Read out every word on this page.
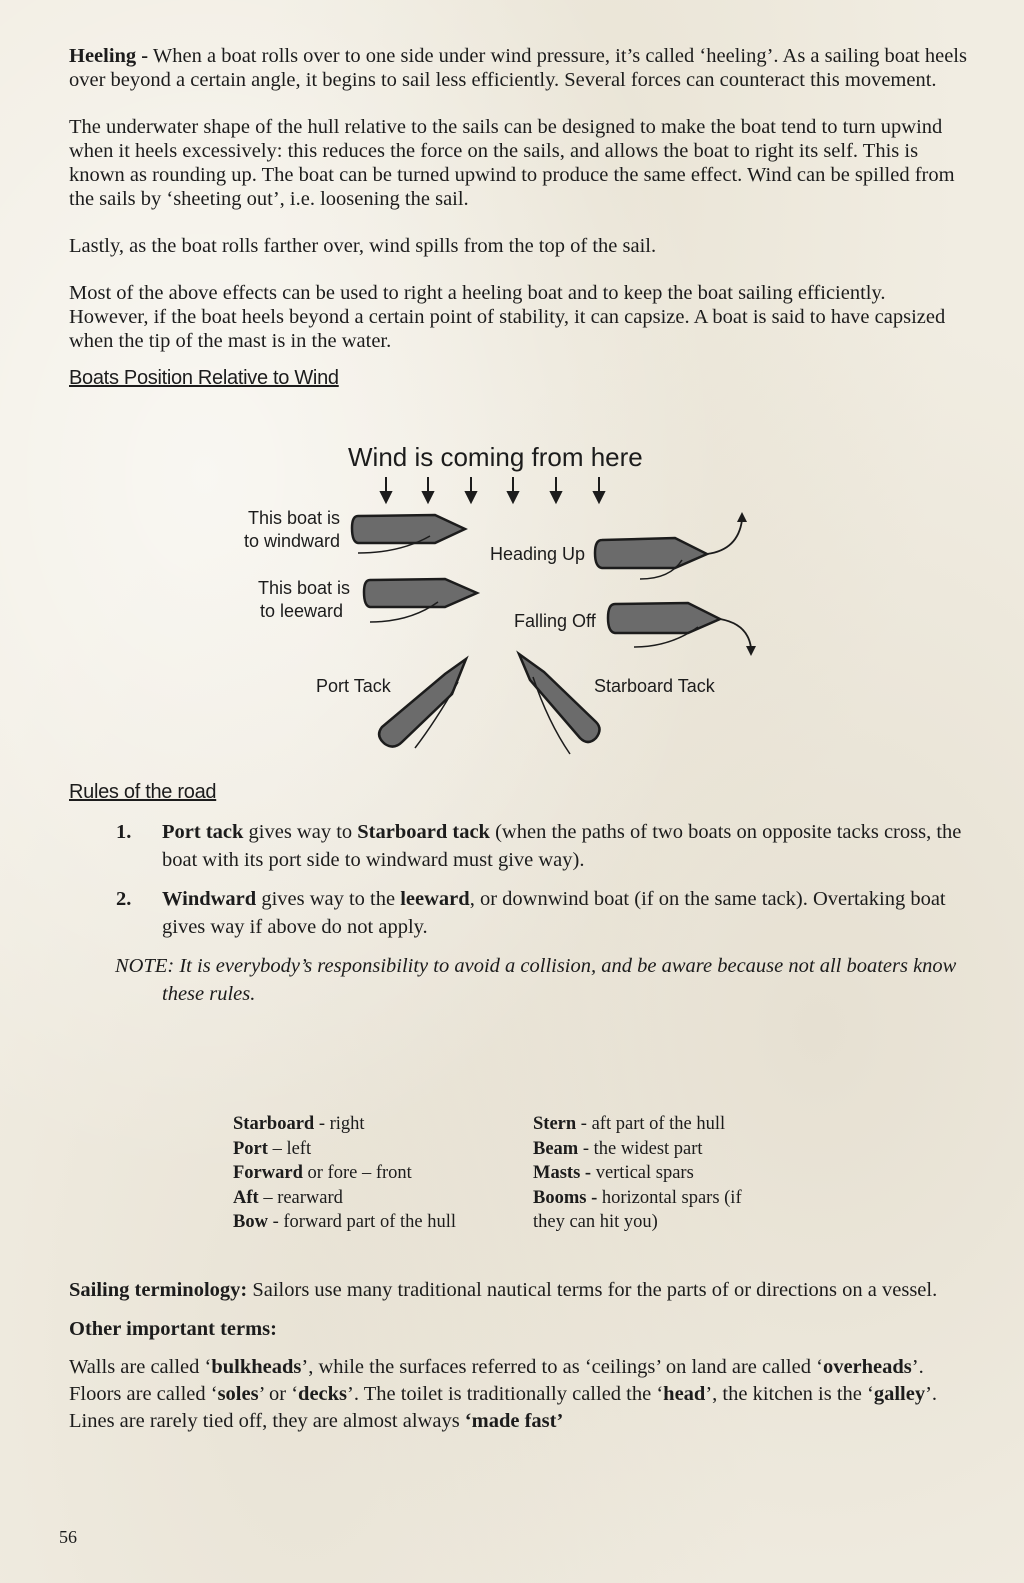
Heeling - When a boat rolls over to one side under wind pressure, it’s called ‘heeling’. As a sailing boat heels over beyond a certain angle, it begins to sail less efficiently. Several forces can counteract this movement.

The underwater shape of the hull relative to the sails can be designed to make the boat tend to turn upwind when it heels excessively: this reduces the force on the sails, and allows the boat to right its self. This is known as rounding up. The boat can be turned upwind to produce the same effect. Wind can be spilled from the sails by ‘sheeting out’, i.e. loosening the sail.

Lastly, as the boat rolls farther over, wind spills from the top of the sail.

Most of the above effects can be used to right a heeling boat and to keep the boat sailing efficiently. However, if the boat heels beyond a certain point of stability, it can capsize. A boat is said to have capsized when the tip of the mast is in the water.

Boats Position Relative to Wind

Wind is coming from here
This boat is
to windward
This boat is
to leeward
Heading Up
Falling Off
Port Tack	Starboard Tack

Rules of the road

1. Port tack gives way to Starboard tack (when the paths of two boats on opposite tacks cross, the boat with its port side to windward must give way).
2. Windward gives way to the leeward, or downwind boat (if on the same tack). Overtaking boat gives way if above do not apply.

NOTE: It is everybody’s responsibility to avoid a collision, and be aware because not all boaters know these rules.

Starboard - right
Port – left
Forward or fore – front
Aft – rearward
Bow - forward part of the hull
Stern - aft part of the hull
Beam - the widest part
Masts - vertical spars
Booms - horizontal spars (if
they can hit you)

Sailing terminology: Sailors use many traditional nautical terms for the parts of or directions on a vessel.

Other important terms:

Walls are called ‘bulkheads’, while the surfaces referred to as ‘ceilings’ on land are called ‘overheads’. Floors are called ‘soles’ or ‘decks’. The toilet is traditionally called the ‘head’, the kitchen is the ‘galley’. Lines are rarely tied off, they are almost always ‘made fast’

56
